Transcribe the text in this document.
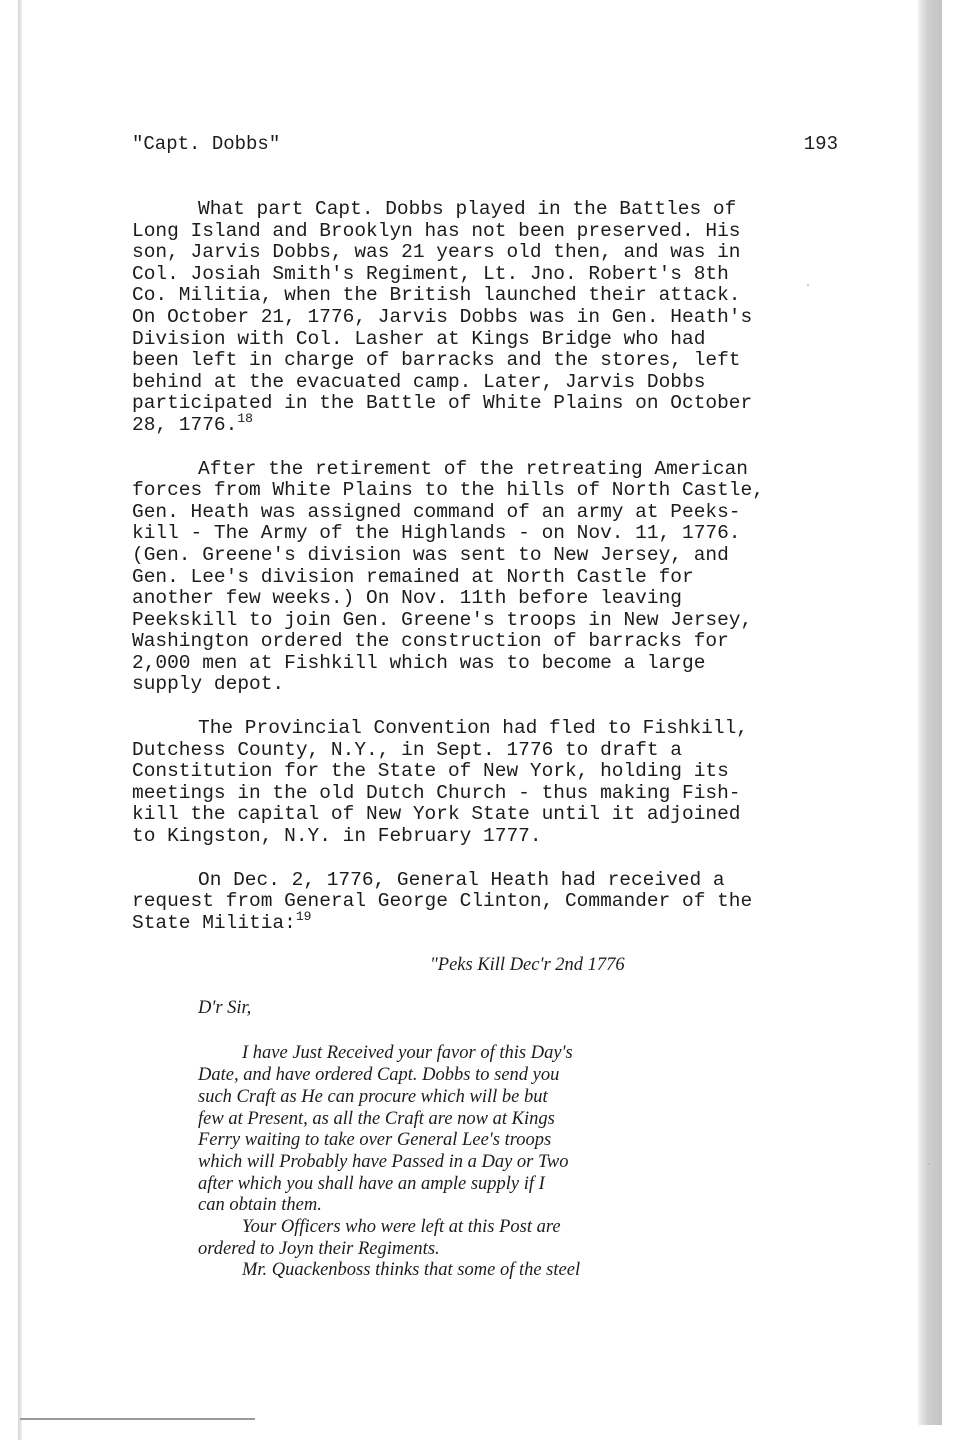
"Capt. Dobbs"	193

What part Capt. Dobbs played in the Battles of
Long Island and Brooklyn has not been preserved. His
son, Jarvis Dobbs, was 21 years old then, and was in
Col. Josiah Smith's Regiment, Lt. Jno. Robert's 8th
Co. Militia, when the British launched their attack.
On October 21, 1776, Jarvis Dobbs was in Gen. Heath's
Division with Col. Lasher at Kings Bridge who had
been left in charge of barracks and the stores, left
behind at the evacuated camp. Later, Jarvis Dobbs
participated in the Battle of White Plains on October
28, 1776.18

After the retirement of the retreating American
forces from White Plains to the hills of North Castle,
Gen. Heath was assigned command of an army at Peeks-
kill - The Army of the Highlands - on Nov. 11, 1776.
(Gen. Greene's division was sent to New Jersey, and
Gen. Lee's division remained at North Castle for
another few weeks.) On Nov. 11th before leaving
Peekskill to join Gen. Greene's troops in New Jersey,
Washington ordered the construction of barracks for
2,000 men at Fishkill which was to become a large
supply depot.

The Provincial Convention had fled to Fishkill,
Dutchess County, N.Y., in Sept. 1776 to draft a
Constitution for the State of New York, holding its
meetings in the old Dutch Church - thus making Fish-
kill the capital of New York State until it adjoined
to Kingston, N.Y. in February 1777.

On Dec. 2, 1776, General Heath had received a
request from General George Clinton, Commander of the
State Militia:$^{19}$

"Peks Kill Dec'r 2nd 1776

D'r Sir,

I have Just Received your favor of this Day's
Date, and have ordered Capt. Dobbs to send you
such Craft as He can procure which will be but
few at Present, as all the Craft are now at Kings
Ferry waiting to take over General Lee's troops
which will Probably have Passed in a Day or Two
after which you shall have an ample supply if I
can obtain them.

Your Officers who were left at this Post are
ordered to Joyn their Regiments.

Mr. Quackenboss thinks that some of the steel
